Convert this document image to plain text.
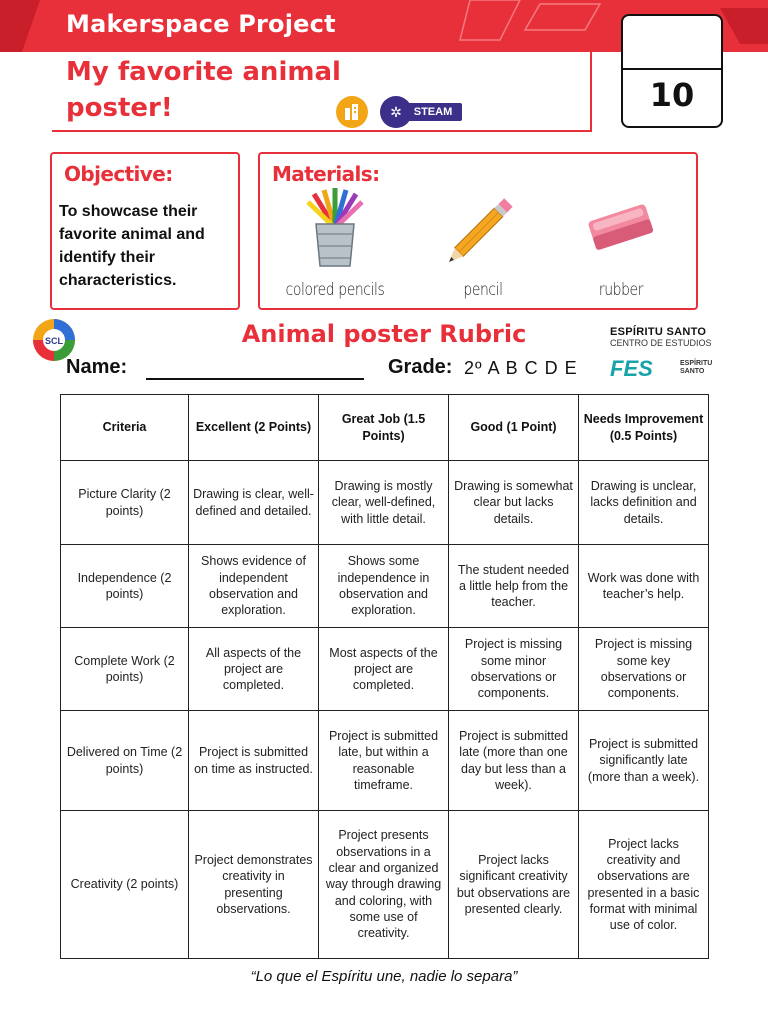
Makerspace Project
My favorite animal poster!	STEAM
✲	10
Objective:
To showcase their favorite animal and identify their characteristics.
Materials:
colored pencils	pencil	rubber
SCL	Animal poster Rubric	ESPÍRITU SANTO
CENTRO DE ESTUDIOS
FES	ESPÍRITU SANTO
Name:	Grade: 2º A B C D E
Criteria	Excellent (2 Points)	Great Job (1.5 Points)	Good (1 Point)	Needs Improvement (0.5 Points)
Picture Clarity (2 points)	Drawing is clear, well-defined and detailed.	Drawing is mostly clear, well-defined, with little detail.	Drawing is somewhat clear but lacks details.	Drawing is unclear, lacks definition and details.
Independence (2 points)	Shows evidence of independent observation and exploration.	Shows some independence in observation and exploration.	The student needed a little help from the teacher.	Work was done with teacher’s help.
Complete Work (2 points)	All aspects of the project are completed.	Most aspects of the project are completed.	Project is missing some minor observations or components.	Project is missing some key observations or components.
Delivered on Time (2 points)	Project is submitted on time as instructed.	Project is submitted late, but within a reasonable timeframe.	Project is submitted late (more than one day but less than a week).	Project is submitted significantly late (more than a week).
Creativity (2 points)	Project demonstrates creativity in presenting observations.	Project presents observations in a clear and organized way through drawing and coloring, with some use of creativity.	Project lacks significant creativity but observations are presented clearly.	Project lacks creativity and observations are presented in a basic format with minimal use of color.
“Lo que el Espíritu une, nadie lo separa”
